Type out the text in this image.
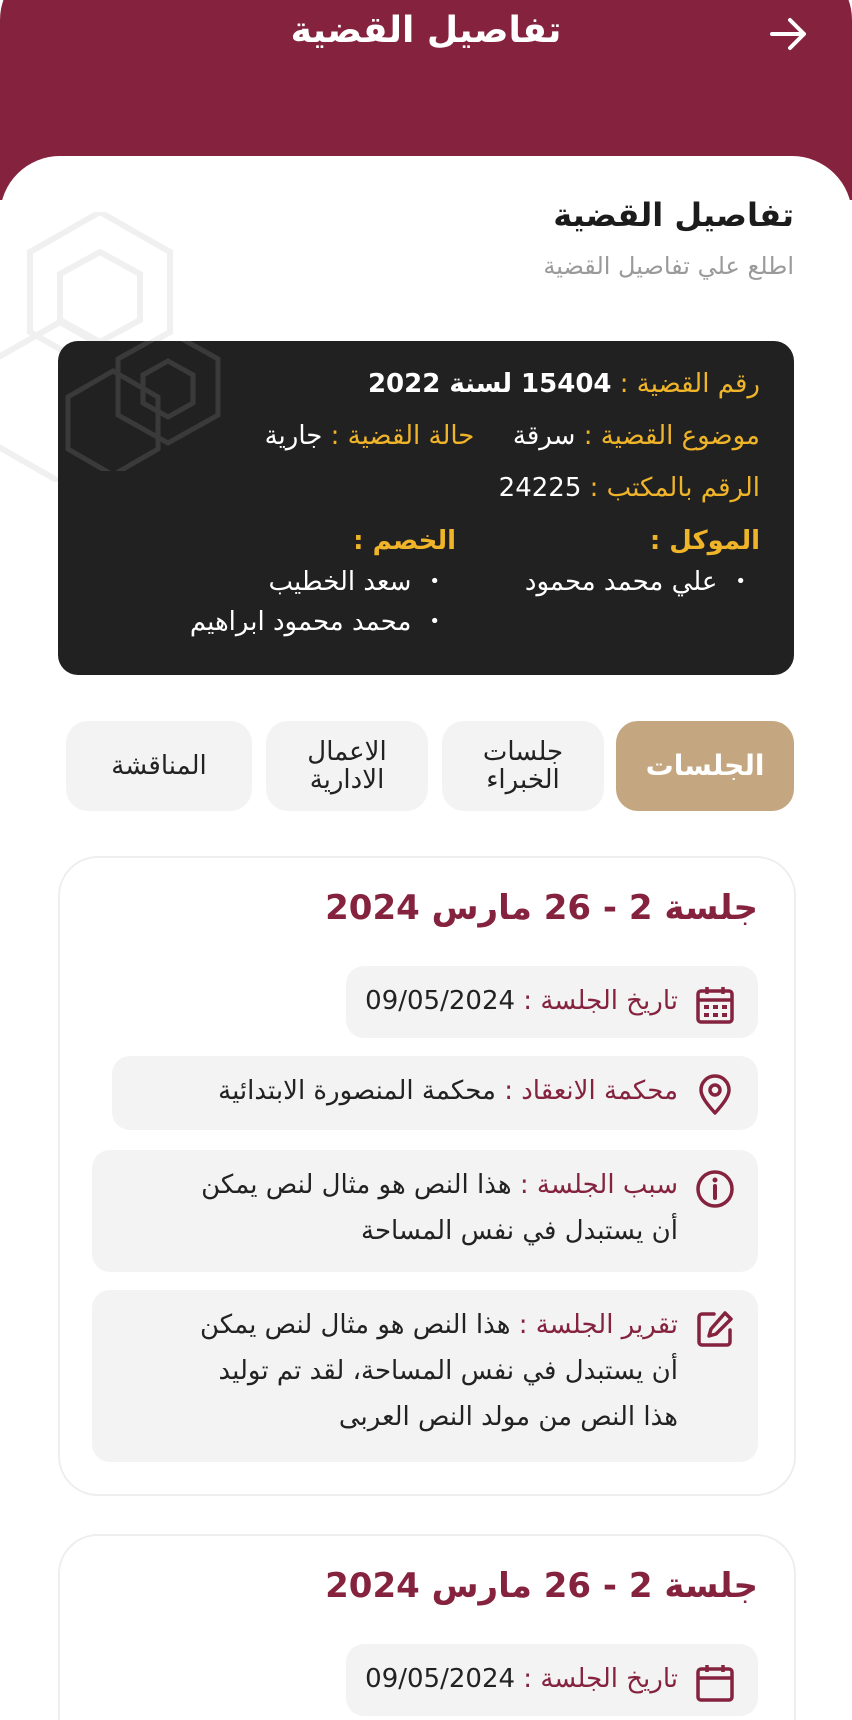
تفاصيل القضية
تفاصيل القضية
اطلع علي تفاصيل القضية
رقم القضية : 15404 لسنة 2022
موضوع القضية : سرقة  حالة القضية : جارية
الرقم بالمكتب : 24225
الموكل :
• علي محمد محمود
الخصم :
• سعد الخطيب
• محمد محمود ابراهيم
الجلسات
جلسات
الخبراء
الاعمال
الادارية
المناقشة
جلسة 2 - 26 مارس 2024
تاريخ الجلسة : 09/05/2024
محكمة الانعقاد : محكمة المنصورة الابتدائية
سبب الجلسة : هذا النص هو مثال لنص يمكن
أن يستبدل في نفس المساحة
تقرير الجلسة : هذا النص هو مثال لنص يمكن
أن يستبدل في نفس المساحة، لقد تم توليد
هذا النص من مولد النص العربى
جلسة 2 - 26 مارس 2024
تاريخ الجلسة : 09/05/2024
